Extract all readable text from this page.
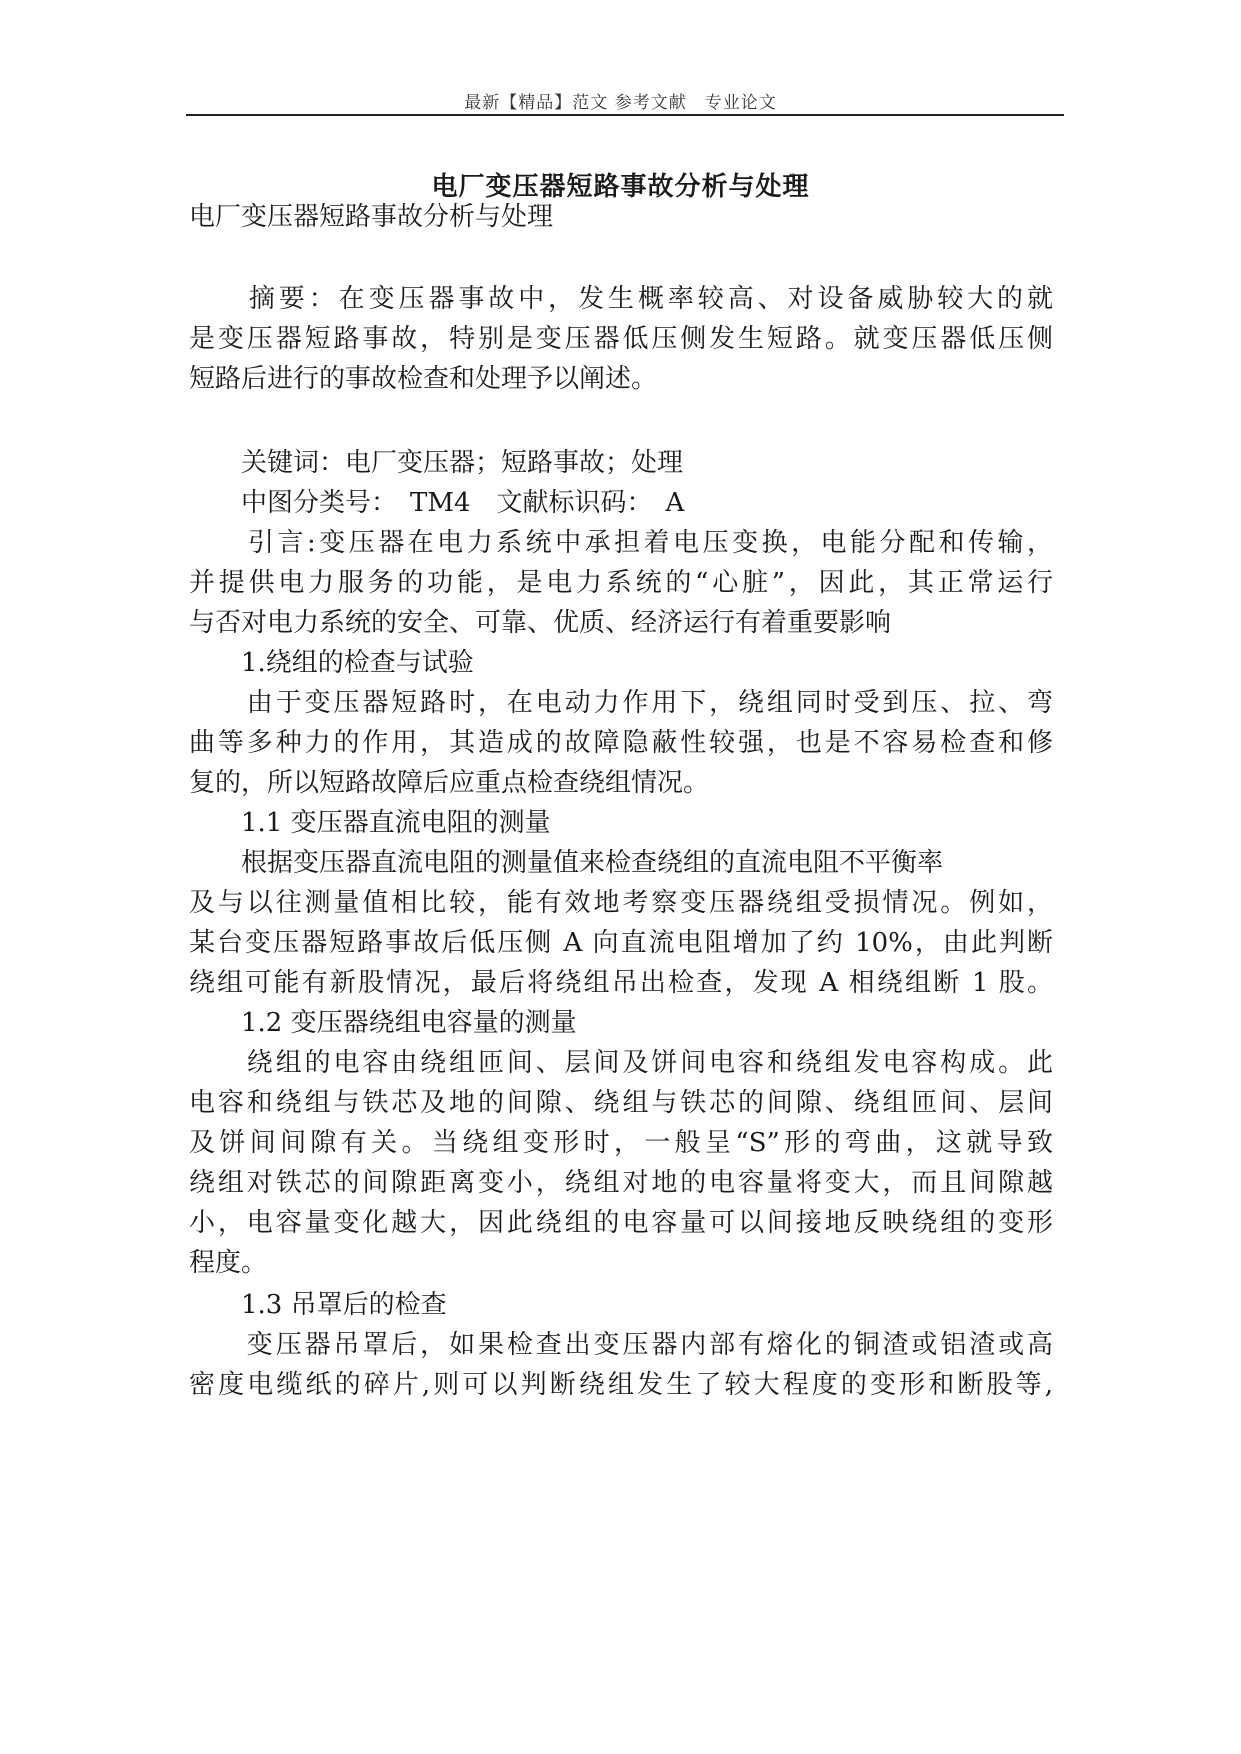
最新【精品】范文 参考文献　专业论文
电厂变压器短路事故分析与处理
电厂变压器短路事故分析与处理
　　摘要：在变压器事故中，发生概率较高、对设备威胁较大的就
是变压器短路事故，特别是变压器低压侧发生短路。就变压器低压侧
短路后进行的事故检查和处理予以阐述。
　　关键词：电厂变压器；短路事故；处理
　　中图分类号：　TM4　文献标识码：　A
　　引言:变压器在电力系统中承担着电压变换，电能分配和传输，
并提供电力服务的功能，是电力系统的“心脏”，因此，其正常运行
与否对电力系统的安全、可靠、优质、经济运行有着重要影响
　　1.绕组的检查与试验
　　由于变压器短路时，在电动力作用下，绕组同时受到压、拉、弯
曲等多种力的作用，其造成的故障隐蔽性较强，也是不容易检查和修
复的，所以短路故障后应重点检查绕组情况。
　　1.1 变压器直流电阻的测量
　　根据变压器直流电阻的测量值来检查绕组的直流电阻不平衡率
及与以往测量值相比较，能有效地考察变压器绕组受损情况。例如，
某台变压器短路事故后低压侧 A 向直流电阻增加了约 10%，由此判断
绕组可能有新股情况，最后将绕组吊出检查，发现 A 相绕组断 1 股。
　　1.2 变压器绕组电容量的测量
　　绕组的电容由绕组匝间、层间及饼间电容和绕组发电容构成。此
电容和绕组与铁芯及地的间隙、绕组与铁芯的间隙、绕组匝间、层间
及饼间间隙有关。当绕组变形时，一般呈“S”形的弯曲，这就导致
绕组对铁芯的间隙距离变小，绕组对地的电容量将变大，而且间隙越
小，电容量变化越大，因此绕组的电容量可以间接地反映绕组的变形
程度。
　　1.3 吊罩后的检查
　　变压器吊罩后，如果检查出变压器内部有熔化的铜渣或铝渣或高
密度电缆纸的碎片,则可以判断绕组发生了较大程度的变形和断股等,
